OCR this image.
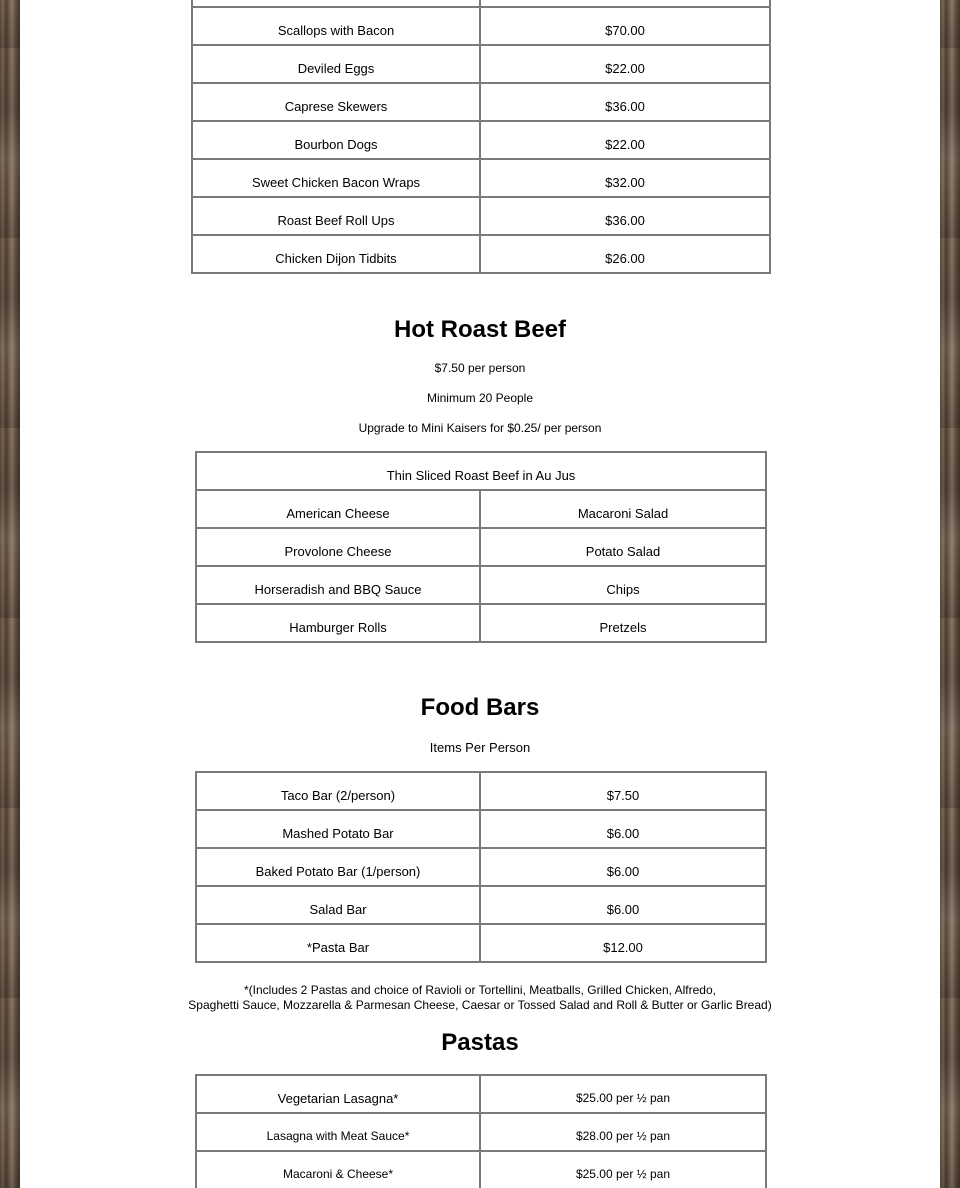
Scallops with Bacon	$70.00

Deviled Eggs	$22.00

Caprese Skewers	$36.00

Bourbon Dogs	$22.00

Sweet Chicken Bacon Wraps	$32.00

Roast Beef Roll Ups	$36.00

Chicken Dijon Tidbits	$26.00
Hot Roast Beef
$7.50 per person
Minimum 20 People
Upgrade to Mini Kaisers for $0.25/ per person
Thin Sliced Roast Beef in Au Jus	

American Cheese	Macaroni Salad

Provolone Cheese	Potato Salad

Horseradish and BBQ Sauce	Chips

Hamburger Rolls	Pretzels
Food Bars
Items Per Person
Taco Bar (2/person)	$7.50

Mashed Potato Bar	$6.00

Baked Potato Bar (1/person)	$6.00

Salad Bar	$6.00

*Pasta Bar	$12.00
*(Includes 2 Pastas and choice of Ravioli or Tortellini, Meatballs, Grilled Chicken, Alfredo,
Spaghetti Sauce, Mozzarella & Parmesan Cheese, Caesar or Tossed Salad and Roll & Butter or Garlic Bread)
Pastas
Vegetarian Lasagna*	$25.00 per ½ pan

Lasagna with Meat Sauce*	$28.00 per ½ pan

Macaroni & Cheese*	$25.00 per ½ pan
